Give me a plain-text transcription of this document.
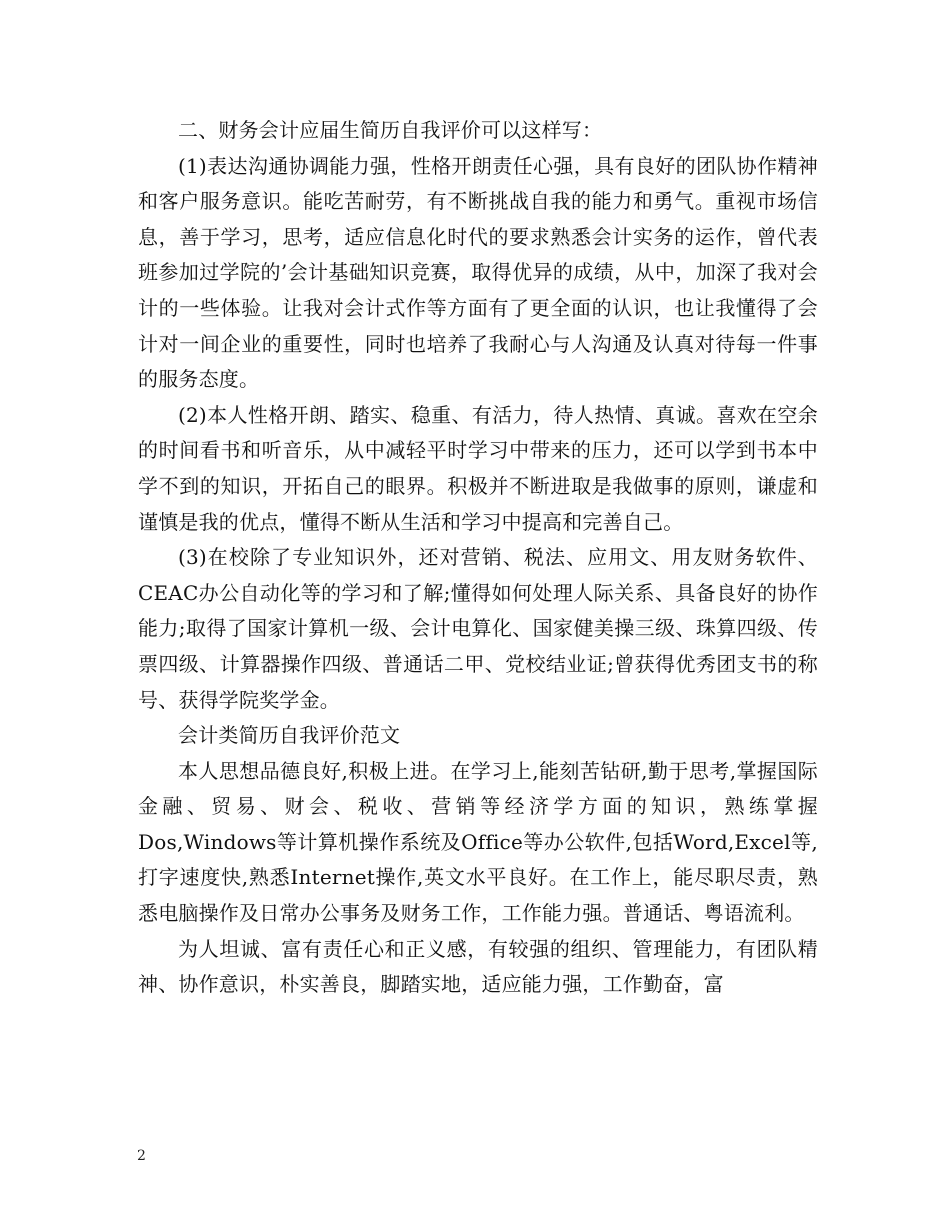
二、财务会计应届生简历自我评价可以这样写：

(1)表达沟通协调能力强，性格开朗责任心强，具有良好的团队协作精神和客户服务意识。能吃苦耐劳，有不断挑战自我的能力和勇气。重视市场信息，善于学习，思考，适应信息化时代的要求熟悉会计实务的运作，曾代表班参加过学院的’会计基础知识竞赛，取得优异的成绩，从中，加深了我对会计的一些体验。让我对会计式作等方面有了更全面的认识，也让我懂得了会计对一间企业的重要性，同时也培养了我耐心与人沟通及认真对待每一件事的服务态度。

(2)本人性格开朗、踏实、稳重、有活力，待人热情、真诚。喜欢在空余的时间看书和听音乐，从中减轻平时学习中带来的压力，还可以学到书本中学不到的知识，开拓自己的眼界。积极并不断进取是我做事的原则，谦虚和谨慎是我的优点，懂得不断从生活和学习中提高和完善自己。

(3)在校除了专业知识外，还对营销、税法、应用文、用友财务软件、CEAC办公自动化等的学习和了解;懂得如何处理人际关系、具备良好的协作能力;取得了国家计算机一级、会计电算化、国家健美操三级、珠算四级、传票四级、计算器操作四级、普通话二甲、党校结业证;曾获得优秀团支书的称号、获得学院奖学金。

会计类简历自我评价范文

本人思想品德良好,积极上进。在学习上,能刻苦钻研,勤于思考,掌握国际金融、贸易、财会、税收、营销等经济学方面的知识，熟练掌握Dos,Windows等计算机操作系统及Office等办公软件,包括Word,Excel等,打字速度快,熟悉Internet操作,英文水平良好。在工作上，能尽职尽责，熟悉电脑操作及日常办公事务及财务工作，工作能力强。普通话、粤语流利。

为人坦诚、富有责任心和正义感，有较强的组织、管理能力，有团队精神、协作意识，朴实善良，脚踏实地，适应能力强，工作勤奋，富

2
